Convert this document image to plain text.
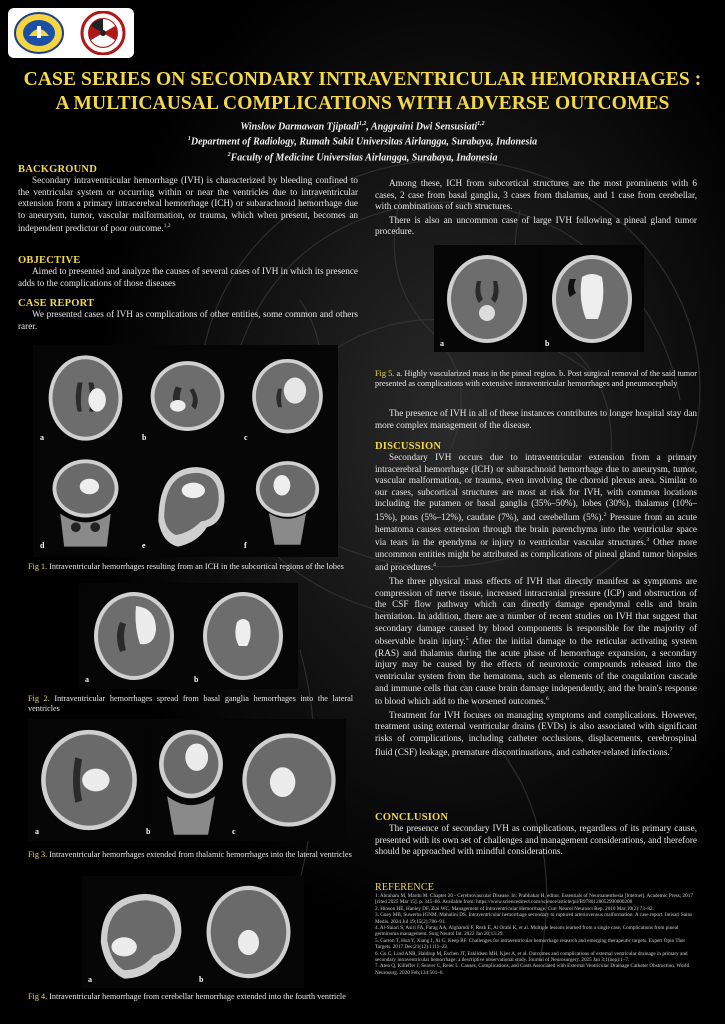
CASE SERIES ON SECONDARY INTRAVENTRICULAR HEMORRHAGES :
A MULTICAUSAL COMPLICATIONS WITH ADVERSE OUTCOMES
Winslow Darmawan Tjiptadi$^{1,2}$, Anggraini Dwi Sensusiati$^{1,2}$
$^1$Department of Radiology, Rumah Sakit Universitas Airlangga, Surabaya, Indonesia
$^2$Faculty of Medicine Universitas Airlangga, Surabaya, Indonesia
BACKGROUND

Secondary intraventricular hemorrhage (IVH) is characterized by bleeding confined to the ventricular system or occurring within or near the ventricles due to intraventricular extension from a primary intracerebral hemorrhage (ICH) or subarachnoid hemorrhage due to aneurysm, tumor, vascular malformation, or trauma, which when present, becomes an independent predictor of poor outcome.$^{1,2}$

OBJECTIVE

Aimed to presented and analyze the causes of several cases of IVH in which its presence adds to the complications of those diseases

CASE REPORT

We presented cases of IVH as complications of other entities, some common and others rarer.

a	b	c
d	e	f
Fig 1. Intraventricular hemorrhages resulting from an ICH in the subcortical regions of the lobes
a	b
Fig 2. Intraventricular hemorrhages spread from basal ganglia hemorrhages into the lateral ventricles
a	b	c
Fig 3. Intraventricular hemorrhages extended from thalamic hemorrhages into the lateral ventricles
a	b
Fig 4. Intraventricular hemorrhage from cerebellar hemorrhage extended into the fourth ventricle

Among these, ICH from subcortical structures are the most prominents with 6 cases, 2 case from basal ganglia, 3 cases from thalamus, and 1 case from cerebellar, with combinations of such structures.

There is also an uncommon case of large IVH following a pineal gland tumor procedure.

a	b
Fig 5. a. Highly vascularized mass in the pineal region. b. Post surgical removal of the said tumor presented as complications with extensive intraventricular hemorrhages and pneumocephaly

The presence of IVH in all of these instances contributes to longer hospital stay dan more complex management of the disease.

DISCUSSION

Secondary IVH occurs due to intraventricular extension from a primary intracerebral hemorrhage (ICH) or subarachnoid hemorrhage due to aneurysm, tumor, vascular malformation, or trauma, even involving the choroid plexus area. Similar to our cases, subcortical structures are most at risk for IVH, with common locations including the putamen or basal ganglia (35%–50%), lobes (30%), thalamus (10%–15%), pons (5%–12%), caudate (7%), and cerebellum (5%).$^2$ Pressure from an acute hematoma causes extension through the brain parenchyma into the ventricular space via tears in the ependyma or injury to ventricular vascular structures.$^3$ Other more uncommon entities might be attributed as complications of pineal gland tumor biopsies and procedures.$^4$

The three physical mass effects of IVH that directly manifest as symptoms are compression of nerve tissue, increased intracranial pressure (ICP) and obstruction of the CSF flow pathway which can directly damage ependymal cells and brain herniation. In addition, there are a number of recent studies on IVH that suggest that secondary damage caused by blood components is responsible for the majority of observable brain injury.$^5$ After the initial damage to the reticular activating system (RAS) and thalamus during the acute phase of hemorrhage expansion, a secondary injury may be caused by the effects of neurotoxic compounds released into the ventricular system from the hematoma, such as elements of the coagulation cascade and immune cells that can cause brain damage independently, and the brain's response to blood which add to the worsened outcomes.$^6$

Treatment for IVH focuses on managing symptoms and complications. However, treatment using external ventricular drains (EVDs) is also associated with significant risks of complications, including catheter occlusions, displacements, cerebrospinal fluid (CSF) leakage, premature discontinuations, and catheter-related infections.$^7$

CONCLUSION

The presence of secondary IVH as complications, regardless of its primary cause, presented with its own set of challenges and management considerations, and therefore should be approached with mindful considerations.

REFERENCE

1. Abraham M, Mardu M. Chapter 20 - Cerebrovascular Disease. In: Prabhakar H, editor. Essentials of Neuroanesthesia [Internet]. Academic Press; 2017 [cited 2025 Mar 15]. p. 345–66. Available from: https://www.sciencedirect.com/science/article/pii/B9780128052990000208

2. Hinson HE, Hanley DF, Ziai WC. Management of Intraventricular Hemorrhage. Curr Neurol Neurosci Rep. 2010 Mar;10(2):73–82.

3. Guey MB, Suwerba IGNM, Mahalini DS. Intraventricular hemorrhage secondary to ruptured arteriovenous malformation: A case report. Intisari Sains Medis. 2024 Jul 19;15(2):786–91.

4. Al-Saiari S, Asiri FA, Farag AA, Alghamdi F, Rezk E, Al Orabi K, et al. Multiple lessons learned from a single case: Complications from pineal germinoma management. Surg Neurol Int. 2022 Jan 20;13:29.

5. Garton T, Hua Y, Xiang J, Xi G, Keep RF. Challenges for intraventricular hemorrhage research and emerging therapeutic targets. Expert Opin Ther Targets. 2017 Dec;21(12):1111–22.

6. Gu C, Lind ANR, Haldrup M, Eschen JT, Eskildsen MH, Kjær A, et al. Outcomes and complications of external ventricular drainage in primary and secondary intraventricular hemorrhage: a descriptive observational study. Journal of Neurosurgery. 2025 Jan 3;1(aop):1–7.

7. Aten Q, Killeffer J, Seaver C, Reier L. Causes, Complications, and Costs Associated with External Ventricular Drainage Catheter Obstruction. World Neurosurg. 2020 Feb;134:501–6.
